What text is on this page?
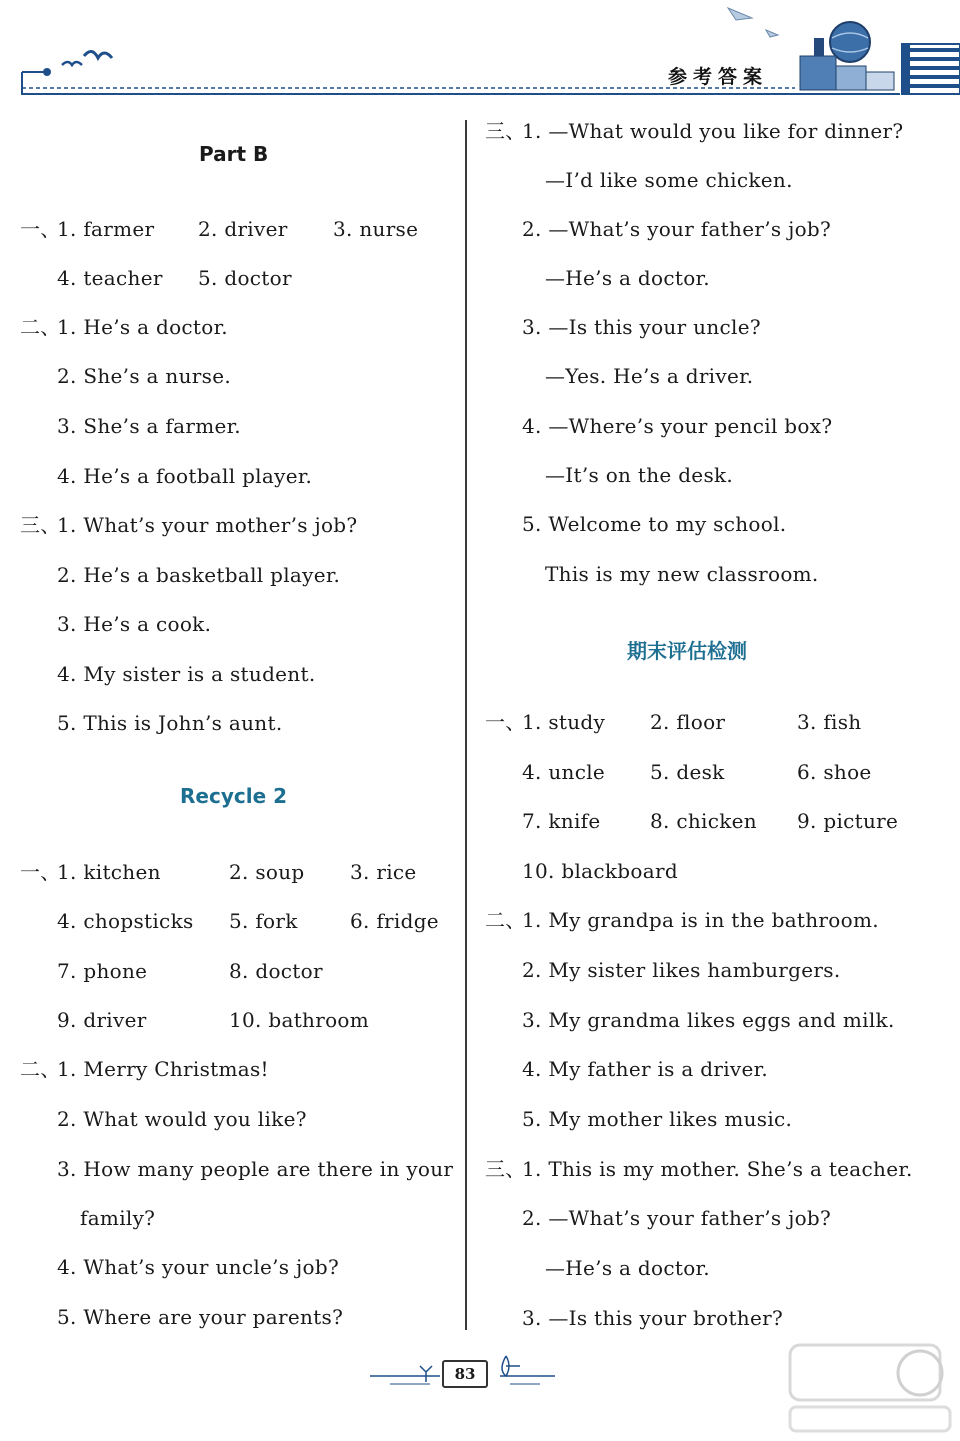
参考答案
Part B
一、
1. farmer 2. driver 3. nurse
4. teacher 5. doctor
二、
1. He’s a doctor.
2. She’s a nurse.
3. She’s a farmer.
4. He’s a football player.
三、
1. What’s your mother’s job?
2. He’s a basketball player.
3. He’s a cook.
4. My sister is a student.
5. This is John’s aunt.
Recycle 2
一、
1. kitchen	2. soup 3. rice
4. chopsticks 5. fork	6. fridge
7. phone	8. doctor
9. driver	10. bathroom
二、
1. Merry Christmas!
2. What would you like?
3. How many people are there in your
family?
4. What’s your uncle’s job?
5. Where are your parents?
三、
1. —What would you like for dinner?
—I’d like some chicken.
2. —What’s your father’s job?
—He’s a doctor.
3. —Is this your uncle?
—Yes. He’s a driver.
4. —Where’s your pencil box?
—It’s on the desk.
5. Welcome to my school.
This is my new classroom.
期末评估检测
一、
1. study 2. floor	3. fish
4. uncle 5. desk	6. shoe
7. knife 8. chicken 9. picture
10. blackboard
二、
1. My grandpa is in the bathroom.
2. My sister likes hamburgers.
3. My grandma likes eggs and milk.
4. My father is a driver.
5. My mother likes music.
三、
1. This is my mother. She’s a teacher.
2. —What’s your father’s job?
—He’s a doctor.
3. —Is this your brother?
83
